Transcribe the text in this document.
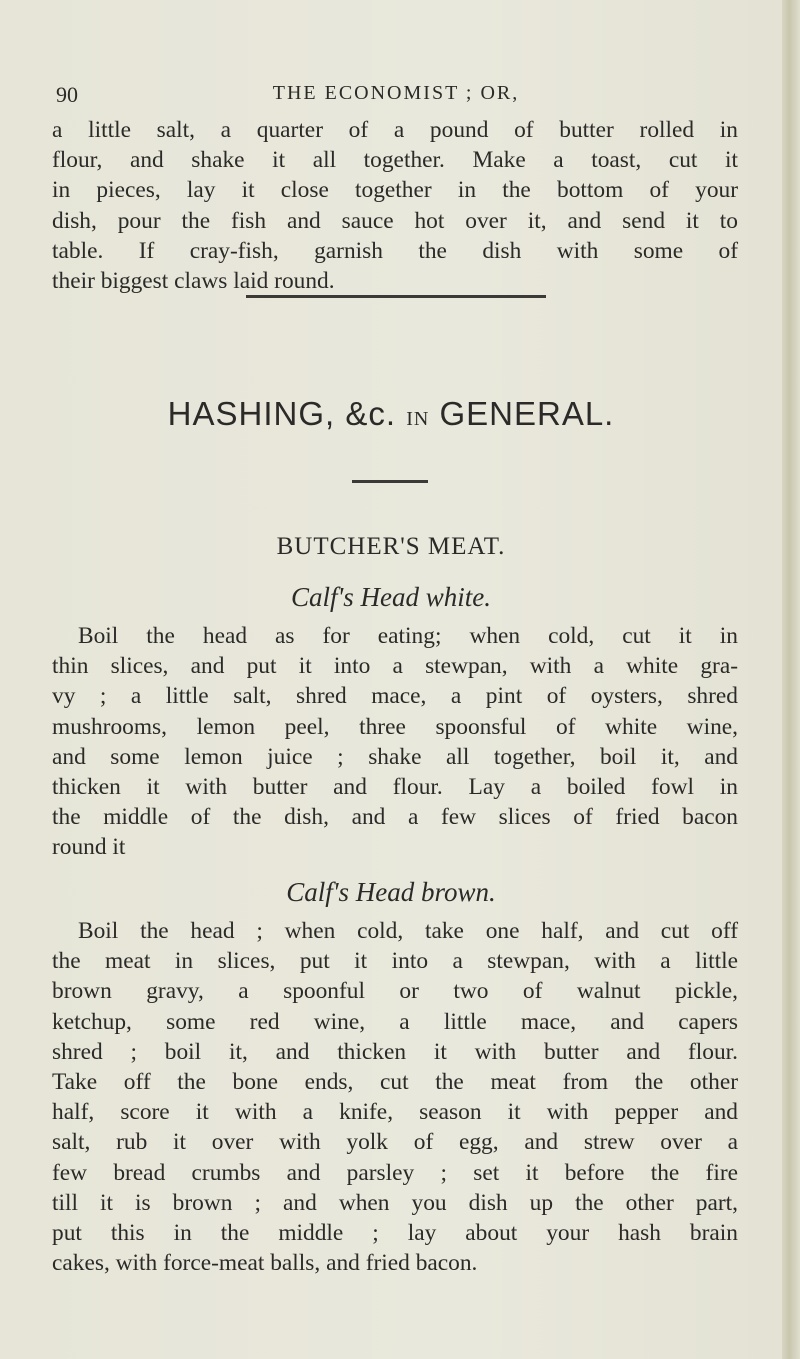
90	THE ECONOMIST ; OR,
a little salt, a quarter of a pound of butter rolled in
flour, and shake it all together. Make a toast, cut it
in pieces, lay it close together in the bottom of your
dish, pour the fish and sauce hot over it, and send it to
table. If cray-fish, garnish the dish with some of
their biggest claws laid round.
HASHING, &c. IN GENERAL.
BUTCHER'S MEAT.
Calf's Head white.
Boil the head as for eating; when cold, cut it in
thin slices, and put it into a stewpan, with a white gra-
vy ; a little salt, shred mace, a pint of oysters, shred
mushrooms, lemon peel, three spoonsful of white wine,
and some lemon juice ; shake all together, boil it, and
thicken it with butter and flour. Lay a boiled fowl in
the middle of the dish, and a few slices of fried bacon
round it
Calf's Head brown.
Boil the head ; when cold, take one half, and cut off
the meat in slices, put it into a stewpan, with a little
brown gravy, a spoonful or two of walnut pickle,
ketchup, some red wine, a little mace, and capers
shred ; boil it, and thicken it with butter and flour.
Take off the bone ends, cut the meat from the other
half, score it with a knife, season it with pepper and
salt, rub it over with yolk of egg, and strew over a
few bread crumbs and parsley ; set it before the fire
till it is brown ; and when you dish up the other part,
put this in the middle ; lay about your hash brain
cakes, with force-meat balls, and fried bacon.
